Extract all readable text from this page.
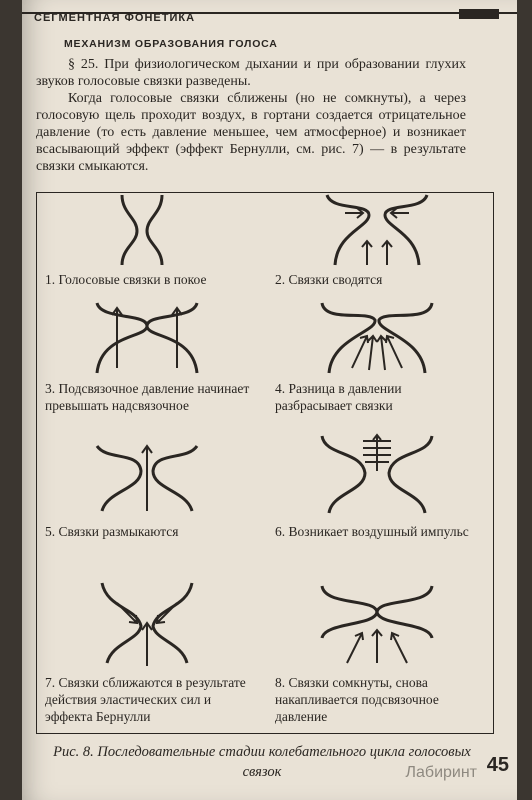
СЕГМЕНТНАЯ ФОНЕТИКА
МЕХАНИЗМ ОБРАЗОВАНИЯ ГОЛОСА

§ 25. При физиологическом дыхании и при образовании глухих звуков голосовые связки разведены.

Когда голосовые связки сближены (но не сомкнуты), а через голосовую щель проходит воздух, в гортани создается отрицательное давление (то есть давление меньшее, чем атмосферное) и возникает всасывающий эффект (эффект Бернулли, см. рис. 7) — в результате связки смыкаются.

1. Голосовые связки в покое	2. Связки сводятся
3. Подсвязочное давление начинает превышать надсвязочное
4. Разница в давлении разбрасывает связки
5. Связки размыкаются	6. Возникает воздушный импульс
7. Связки сближаются в результате действия эластических сил и эффекта Бернулли
8. Связки сомкнуты, снова накапливается подсвязочное давление
Рис. 8. Последовательные стадии колебательного цикла голосовых связок	45
Лабиринт
